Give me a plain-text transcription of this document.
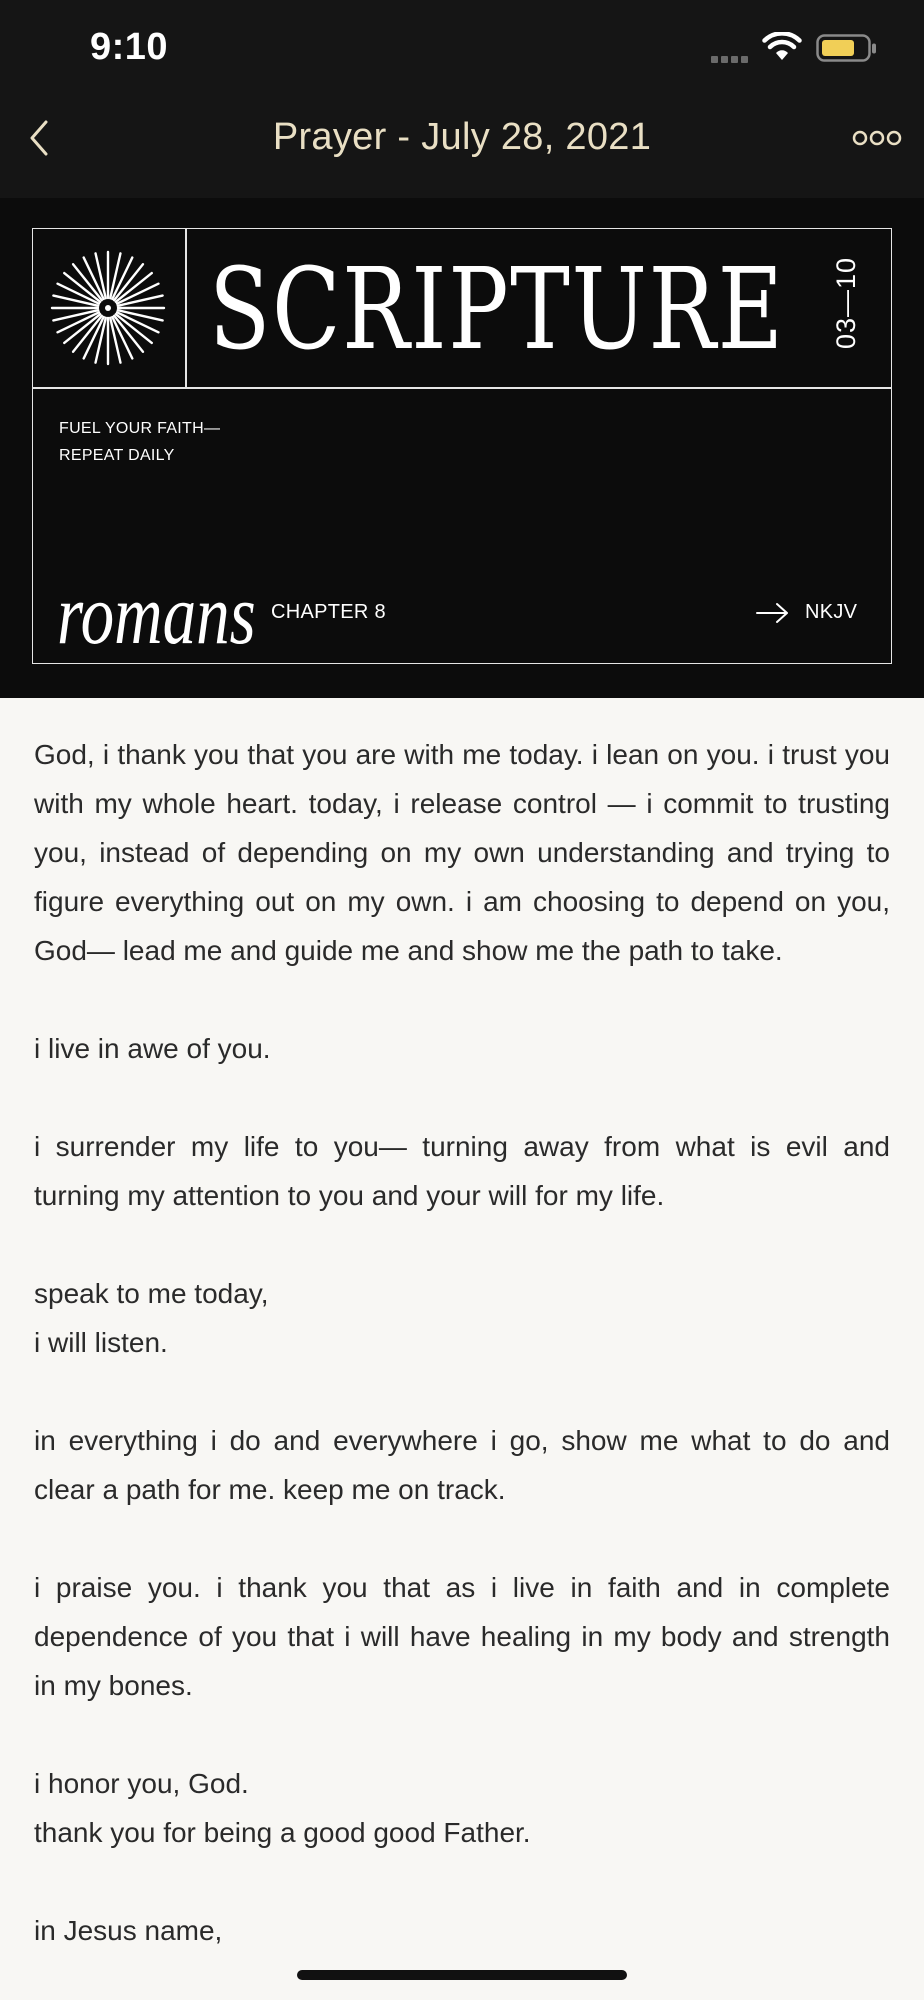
9:10
Prayer - July 28, 2021
SCRIPTURE 03—10
FUEL YOUR FAITH—
REPEAT DAILY
romans CHAPTER 8	NKJV

God, i thank you that you are with me today. i lean on you. i trust you with my whole heart. today, i release control — i commit to trusting you, instead of depending on my own understanding and trying to figure everything out on my own. i am choosing to depend on you, God— lead me and guide me and show me the path to take.

i live in awe of you.

i surrender my life to you— turning away from what is evil and turning my attention to you and your will for my life.

speak to me today,

i will listen.

in everything i do and everywhere i go, show me what to do and clear a path for me. keep me on track.

i praise you. i thank you that as i live in faith and in complete dependence of you that i will have healing in my body and strength in my bones.

i honor you, God.

thank you for being a good good Father.

in Jesus name,
